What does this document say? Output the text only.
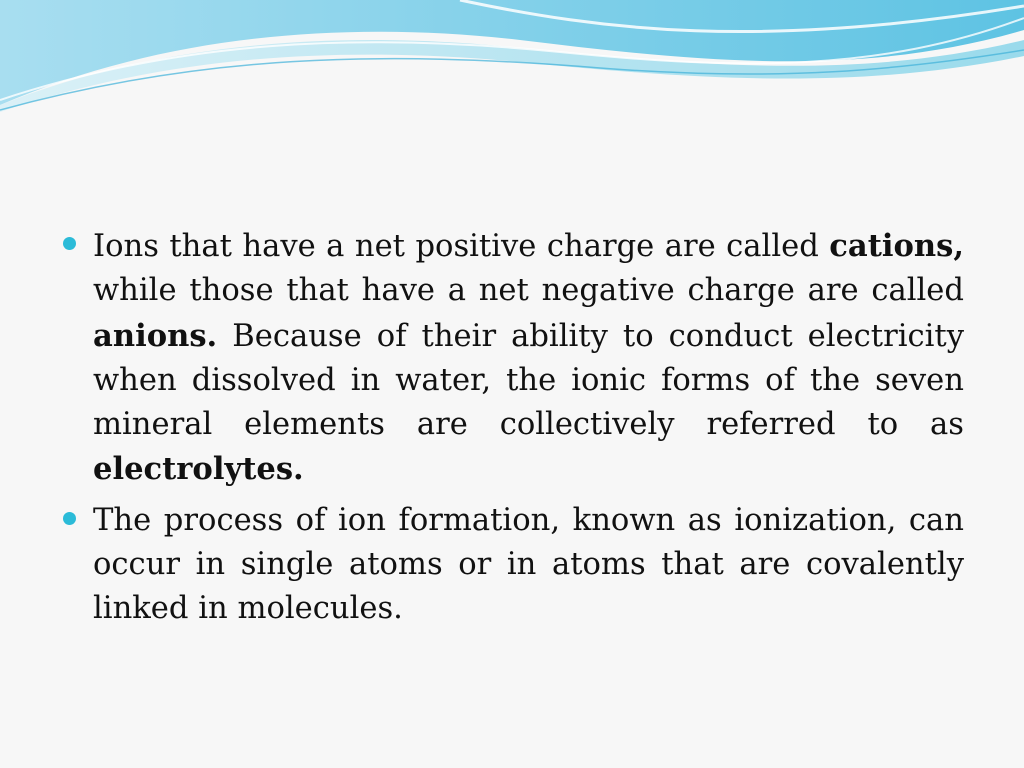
Ions that have a net positive charge are called cations, while those that have a net negative charge are called anions. Because of their ability to conduct electricity when dissolved in water, the ionic forms of the seven mineral elements are collectively referred to as electrolytes.
The process of ion formation, known as ionization, can occur in single atoms or in atoms that are covalently linked in molecules.
